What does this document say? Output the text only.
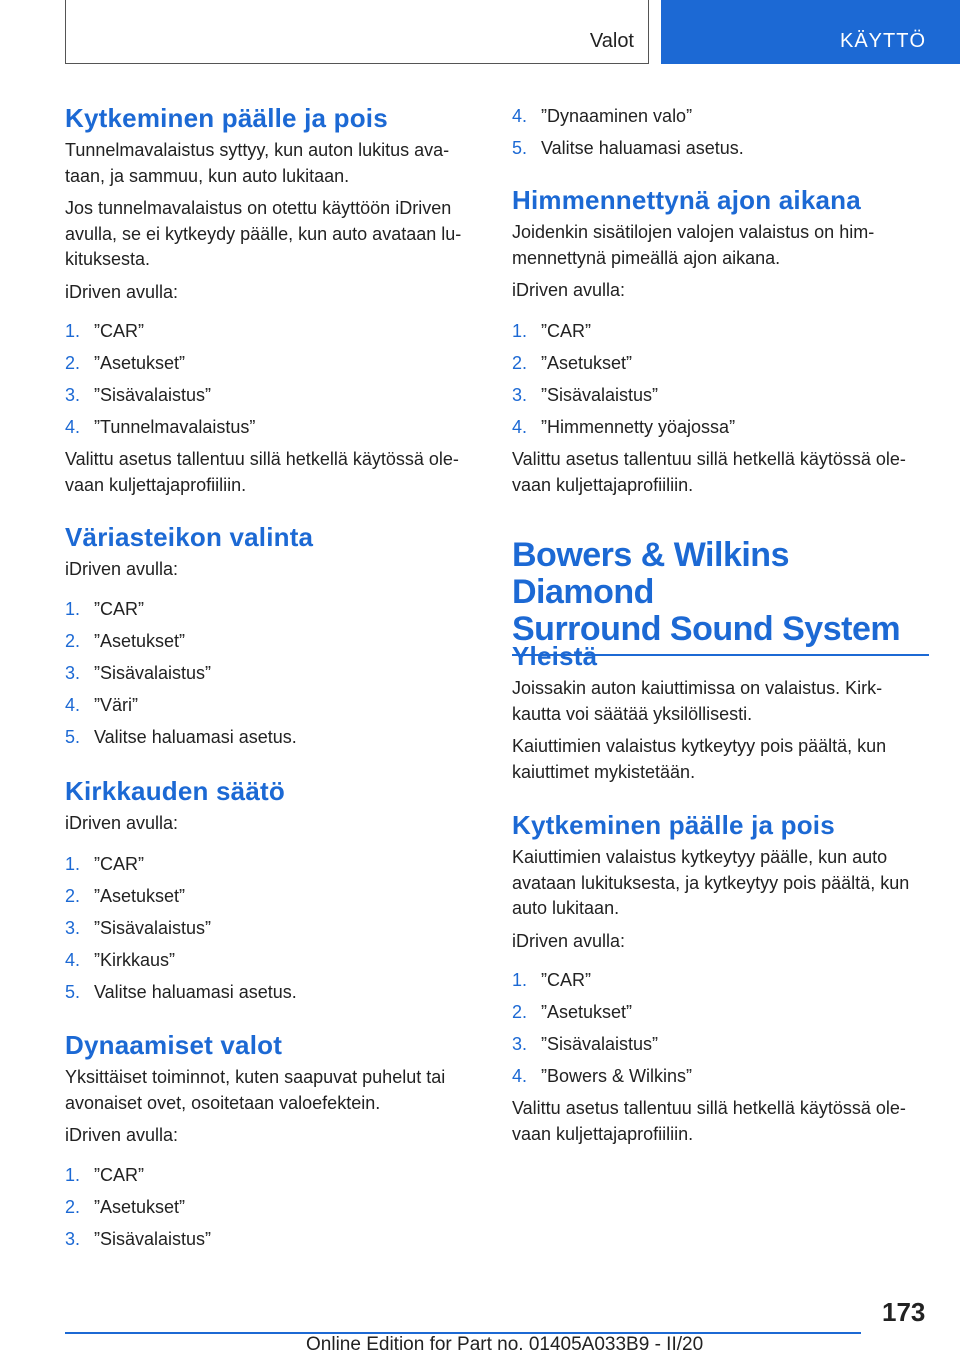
Valot	KÄYTTÖ
Kytkeminen päälle ja pois

Tunnelmavalaistus syttyy, kun auton lukitus ava-
taan, ja sammuu, kun auto lukitaan.

Jos tunnelmavalaistus on otettu käyttöön iDriven
avulla, se ei kytkeydy päälle, kun auto avataan lu-
kituksesta.

iDriven avulla:

1. ”CAR”
2. ”Asetukset”
3. ”Sisävalaistus”
4. ”Tunnelmavalaistus”

Valittu asetus tallentuu sillä hetkellä käytössä ole-
vaan kuljettajaprofiiliin.

Väriasteikon valinta

iDriven avulla:

1. ”CAR”
2. ”Asetukset”
3. ”Sisävalaistus”
4. ”Väri”
5. Valitse haluamasi asetus.
Kirkkauden säätö

iDriven avulla:

1. ”CAR”
2. ”Asetukset”
3. ”Sisävalaistus”
4. ”Kirkkaus”
5. Valitse haluamasi asetus.
Dynaamiset valot

Yksittäiset toiminnot, kuten saapuvat puhelut tai
avonaiset ovet, osoitetaan valoefektein.

iDriven avulla:

1. ”CAR”
2. ”Asetukset”
3. ”Sisävalaistus”
4. ”Dynaaminen valo”
5. Valitse haluamasi asetus.
Himmennettynä ajon aikana

Joidenkin sisätilojen valojen valaistus on him-
mennettynä pimeällä ajon aikana.

iDriven avulla:

1. ”CAR”
2. ”Asetukset”
3. ”Sisävalaistus”
4. ”Himmennetty yöajossa”

Valittu asetus tallentuu sillä hetkellä käytössä ole-
vaan kuljettajaprofiiliin.

Bowers & Wilkins Diamond
Surround Sound System
Yleistä

Joissakin auton kaiuttimissa on valaistus. Kirk-
kautta voi säätää yksilöllisesti.

Kaiuttimien valaistus kytkeytyy pois päältä, kun
kaiuttimet mykistetään.

Kytkeminen päälle ja pois

Kaiuttimien valaistus kytkeytyy päälle, kun auto
avataan lukituksesta, ja kytkeytyy pois päältä, kun
auto lukitaan.

iDriven avulla:

1. ”CAR”
2. ”Asetukset”
3. ”Sisävalaistus”
4. ”Bowers & Wilkins”

Valittu asetus tallentuu sillä hetkellä käytössä ole-
vaan kuljettajaprofiiliin.

173
Online Edition for Part no. 01405A033B9 - II/20
